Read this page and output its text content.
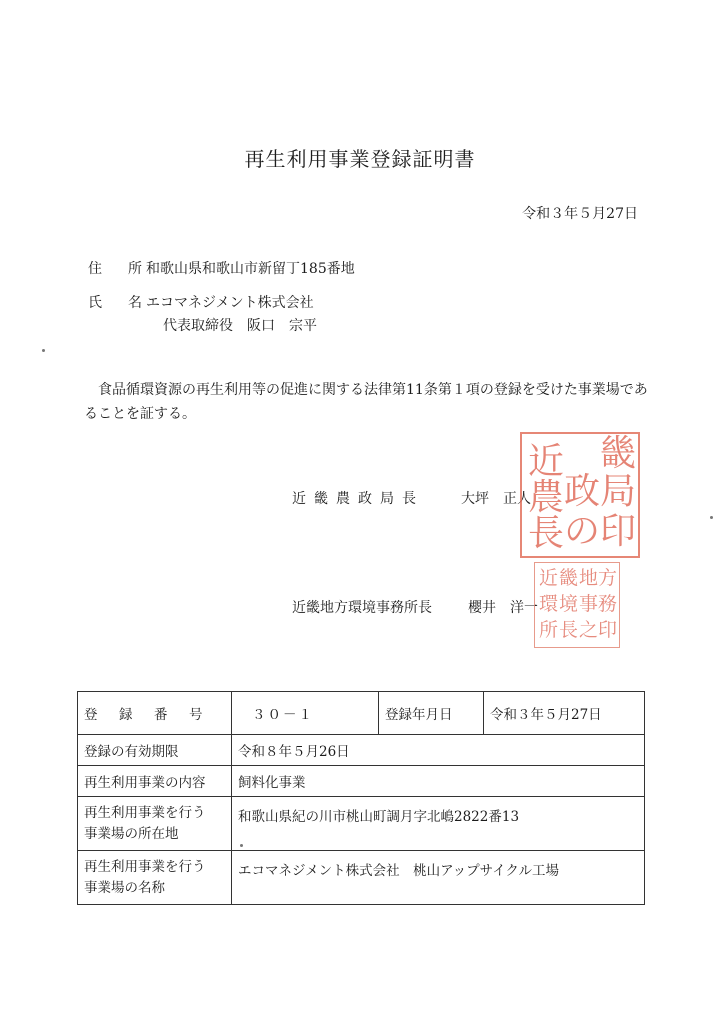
再生利用事業登録証明書
令和３年５月27日
住　所
和歌山県和歌山市新留丁185番地
氏　名
エコマネジメント株式会社
代表取締役　阪口　宗平
食品循環資源の再生利用等の促進に関する法律第11条第１項の登録を受けた事業場であることを証する。
近畿農政局長	大坪　正人
近畿地方環境事務所長	櫻井　洋一
近
農
長
政
の
畿
局
印
近
環
所
畿
境
長
地
事
之
方
務
印
登　録　番　号	３０－１	登録年月日	令和３年５月27日
登録の有効期限	令和８年５月26日		
再生利用事業の内容	飼料化事業		

再生利用事業を行う
事業場の所在地	和歌山県紀の川市桃山町調月字北嶋2822番13		

再生利用事業を行う
事業場の名称	エコマネジメント株式会社　桃山アップサイクル工場		
